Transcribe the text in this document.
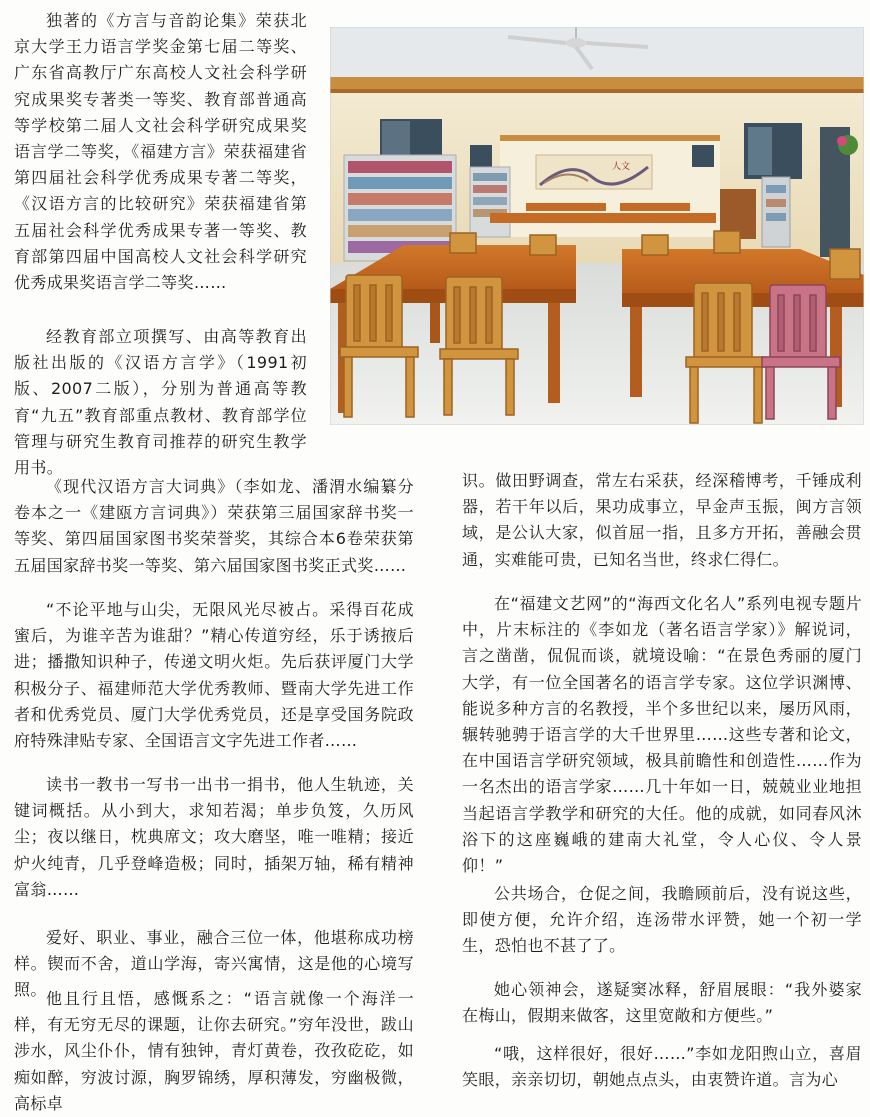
独著的《方言与音韵论集》荣获北京大学王力语言学奖金第七届二等奖、广东省高教厅广东高校人文社会科学研究成果奖专著类一等奖、教育部普通高等学校第二届人文社会科学研究成果奖语言学二等奖，《福建方言》荣获福建省第四届社会科学优秀成果专著二等奖，《汉语方言的比较研究》荣获福建省第五届社会科学优秀成果专著一等奖、教育部第四届中国高校人文社会科学研究优秀成果奖语言学二等奖……

经教育部立项撰写、由高等教育出版社出版的《汉语方言学》（1991初版、2007二版），分别为普通高等教育“九五”教育部重点教材、教育部学位管理与研究生教育司推荐的研究生教学用书。

《现代汉语方言大词典》（李如龙、潘渭水编纂分卷本之一《建瓯方言词典》）荣获第三届国家辞书奖一等奖、第四届国家图书奖荣誉奖，其综合本6卷荣获第五届国家辞书奖一等奖、第六届国家图书奖正式奖……

“不论平地与山尖，无限风光尽被占。采得百花成蜜后，为谁辛苦为谁甜？”精心传道穷经，乐于诱掖后进；播撒知识种子，传递文明火炬。先后获评厦门大学积极分子、福建师范大学优秀教师、暨南大学先进工作者和优秀党员、厦门大学优秀党员，还是享受国务院政府特殊津贴专家、全国语言文字先进工作者……

读书一教书一写书一出书一捐书，他人生轨迹，关键词概括。从小到大，求知若渴；单步负笈，久历风尘；夜以继日，枕典席文；攻大磨坚，唯一唯精；接近炉火纯青，几乎登峰造极；同时，插架万轴，稀有精神富翁……

爱好、职业、事业，融合三位一体，他堪称成功榜样。锲而不舍，道山学海，寄兴寓情，这是他的心境写照。 他且行且悟，感慨系之：“语言就像一个海洋一样，有无穷无尽的课题，让你去研究。”穷年没世，跋山涉水，风尘仆仆，情有独钟，青灯黄卷，孜孜矻矻，如痴如醉，穷波讨源，胸罗锦绣，厚积薄发，穷幽极微，高标卓

识。做田野调查，常左右采获，经深稽博考，千锤成利器，若干年以后，果功成事立，早金声玉振，闽方言领域，是公认大家，似首屈一指，且多方开拓，善融会贯通，实难能可贵，已知名当世，终求仁得仁。

在“福建文艺网”的“海西文化名人”系列电视专题片中，片末标注的《李如龙（著名语言学家）》解说词，言之凿凿，侃侃而谈，就境设喻：“在景色秀丽的厦门大学，有一位全国著名的语言学专家。这位学识渊博、能说多种方言的名教授，半个多世纪以来，屡历风雨，辗转驰骋于语言学的大千世界里……这些专著和论文，在中国语言学研究领域，极具前瞻性和创造性……作为一名杰出的语言学家……几十年如一日，兢兢业业地担当起语言学教学和研究的大任。他的成就，如同春风沐浴下的这座巍峨的建南大礼堂，令人心仪、令人景仰！”

公共场合，仓促之间，我瞻顾前后，没有说这些，即使方便，允许介绍，连汤带水评赞，她一个初一学生，恐怕也不甚了了。

她心领神会，遂疑窦冰释，舒眉展眼：“我外婆家在梅山，假期来做客，这里宽敞和方便些。”

“哦，这样很好，很好……”李如龙阳煦山立，喜眉笑眼，亲亲切切，朝她点点头，由衷赞许道。言为心

人文
